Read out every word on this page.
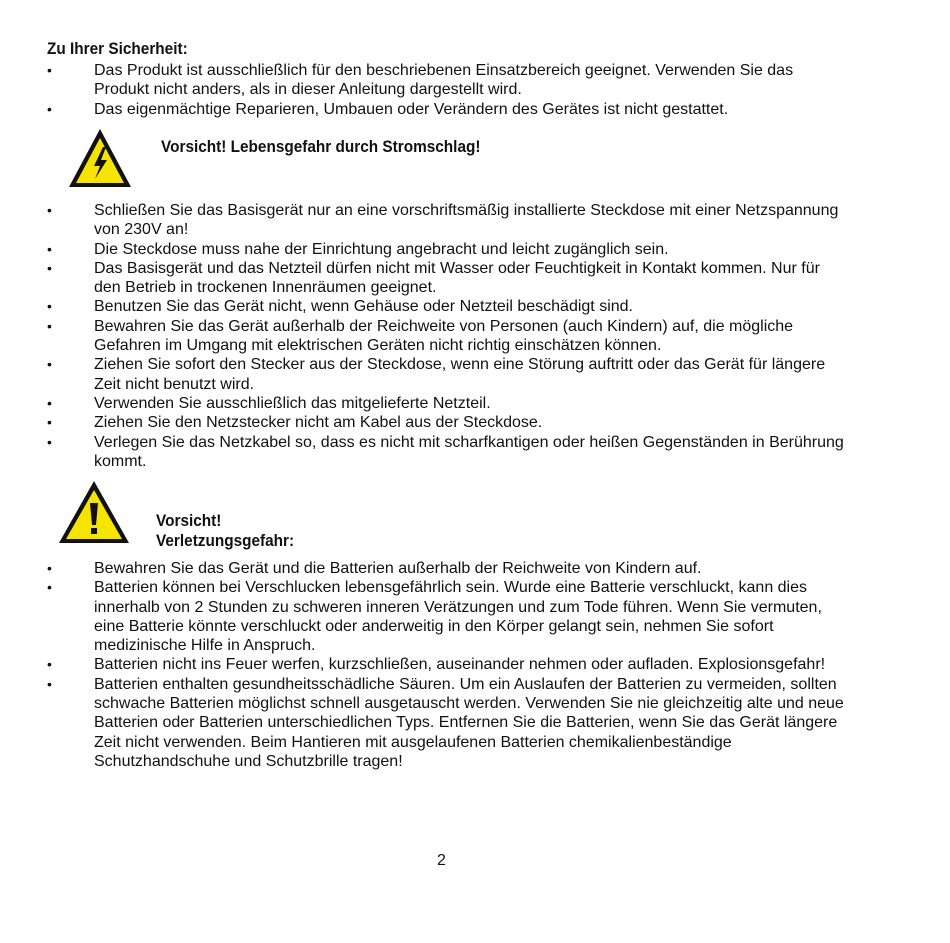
Zu Ihrer Sicherheit:
•
Das Produkt ist ausschließlich für den beschriebenen Einsatzbereich geeignet. Verwenden Sie das Produkt nicht anders, als in dieser Anleitung dargestellt wird.
•
Das eigenmächtige Reparieren, Umbauen oder Verändern des Gerätes ist nicht gestattet.
Vorsicht! Lebensgefahr durch Stromschlag!
•
Schließen Sie das Basisgerät nur an eine vorschriftsmäßig installierte Steckdose mit einer Netzspannung von 230V an!
•
Die Steckdose muss nahe der Einrichtung angebracht und leicht zugänglich sein.
•
Das Basisgerät und das Netzteil dürfen nicht mit Wasser oder Feuchtigkeit in Kontakt kommen. Nur für den Betrieb in trockenen Innenräumen geeignet.
•
Benutzen Sie das Gerät nicht, wenn Gehäuse oder Netzteil beschädigt sind.
•
Bewahren Sie das Gerät außerhalb der Reichweite von Personen (auch Kindern) auf, die mögliche Gefahren im Umgang mit elektrischen Geräten nicht richtig einschätzen können.
•
Ziehen Sie sofort den Stecker aus der Steckdose, wenn eine Störung auftritt oder das Gerät für längere Zeit nicht benutzt wird.
•
Verwenden Sie ausschließlich das mitgelieferte Netzteil.
•
Ziehen Sie den Netzstecker nicht am Kabel aus der Steckdose.
•
Verlegen Sie das Netzkabel so, dass es nicht mit scharfkantigen oder heißen Gegenständen in Berührung kommt.
Vorsicht!
Verletzungsgefahr:
•
Bewahren Sie das Gerät und die Batterien außerhalb der Reichweite von Kindern auf.
•
Batterien können bei Verschlucken lebensgefährlich sein. Wurde eine Batterie verschluckt, kann dies innerhalb von 2 Stunden zu schweren inneren Verätzungen und zum Tode führen. Wenn Sie vermuten, eine Batterie könnte verschluckt oder anderweitig in den Körper gelangt sein, nehmen Sie sofort medizinische Hilfe in Anspruch.
•
Batterien nicht ins Feuer werfen, kurzschließen, auseinander nehmen oder aufladen. Explosionsgefahr!
•
Batterien enthalten gesundheitsschädliche Säuren. Um ein Auslaufen der Batterien zu vermeiden, sollten schwache Batterien möglichst schnell ausgetauscht werden. Verwenden Sie nie gleichzeitig alte und neue Batterien oder Batterien unterschiedlichen Typs. Entfernen Sie die Batterien, wenn Sie das Gerät längere Zeit nicht verwenden. Beim Hantieren mit ausgelaufenen Batterien chemikalienbeständige Schutzhandschuhe und Schutzbrille tragen!
2
